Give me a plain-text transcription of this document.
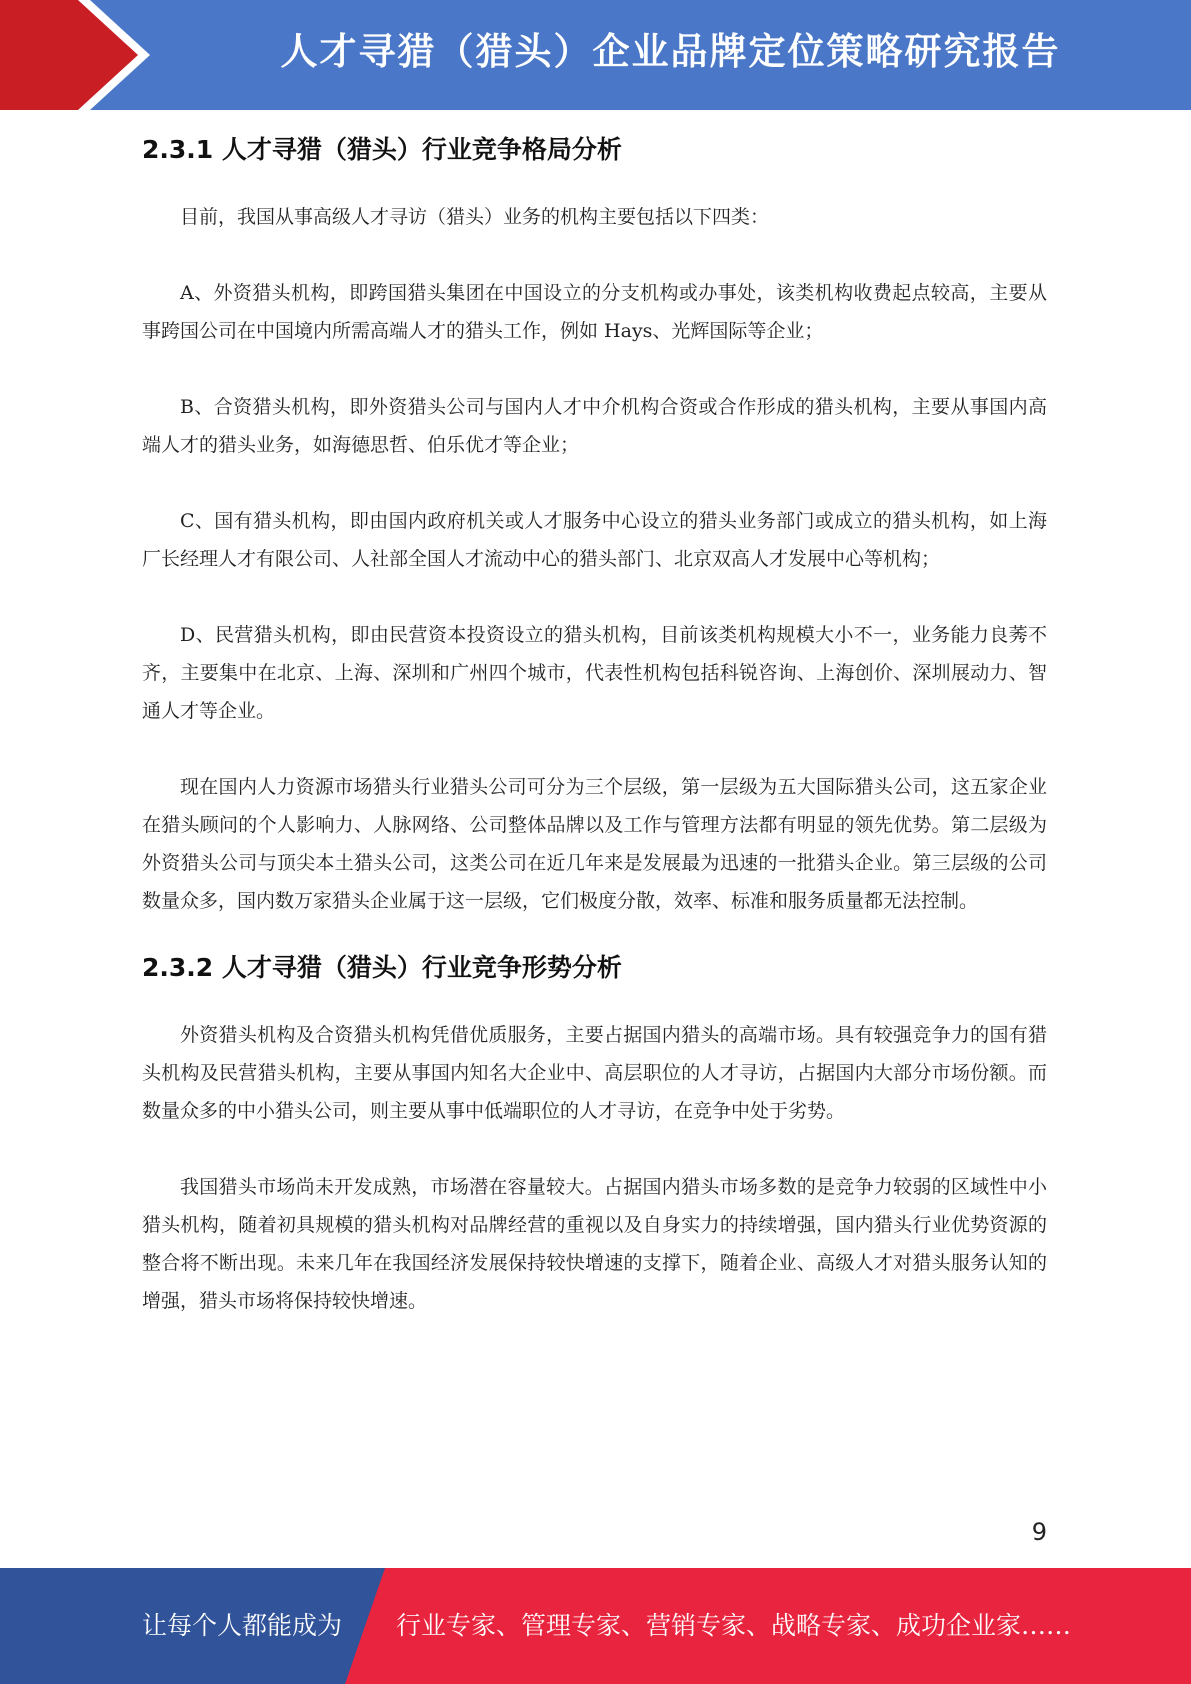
人才寻猎（猎头）企业品牌定位策略研究报告
2.3.1 人才寻猎（猎头）行业竞争格局分析

目前，我国从事高级人才寻访（猎头）业务的机构主要包括以下四类：

A、外资猎头机构，即跨国猎头集团在中国设立的分支机构或办事处，该类机构收费起点较高，主要从事跨国公司在中国境内所需高端人才的猎头工作，例如 Hays、光辉国际等企业；

B、合资猎头机构，即外资猎头公司与国内人才中介机构合资或合作形成的猎头机构，主要从事国内高端人才的猎头业务，如海德思哲、伯乐优才等企业；

C、国有猎头机构，即由国内政府机关或人才服务中心设立的猎头业务部门或成立的猎头机构，如上海厂长经理人才有限公司、人社部全国人才流动中心的猎头部门、北京双高人才发展中心等机构；

D、民营猎头机构，即由民营资本投资设立的猎头机构，目前该类机构规模大小不一，业务能力良莠不齐，主要集中在北京、上海、深圳和广州四个城市，代表性机构包括科锐咨询、上海创价、深圳展动力、智通人才等企业。

现在国内人力资源市场猎头行业猎头公司可分为三个层级，第一层级为五大国际猎头公司，这五家企业在猎头顾问的个人影响力、人脉网络、公司整体品牌以及工作与管理方法都有明显的领先优势。第二层级为外资猎头公司与顶尖本土猎头公司，这类公司在近几年来是发展最为迅速的一批猎头企业。第三层级的公司数量众多，国内数万家猎头企业属于这一层级，它们极度分散，效率、标准和服务质量都无法控制。

2.3.2 人才寻猎（猎头）行业竞争形势分析

外资猎头机构及合资猎头机构凭借优质服务，主要占据国内猎头的高端市场。具有较强竞争力的国有猎头机构及民营猎头机构，主要从事国内知名大企业中、高层职位的人才寻访，占据国内大部分市场份额。而数量众多的中小猎头公司，则主要从事中低端职位的人才寻访，在竞争中处于劣势。

我国猎头市场尚未开发成熟，市场潜在容量较大。占据国内猎头市场多数的是竞争力较弱的区域性中小猎头机构，随着初具规模的猎头机构对品牌经营的重视以及自身实力的持续增强，国内猎头行业优势资源的整合将不断出现。未来几年在我国经济发展保持较快增速的支撑下，随着企业、高级人才对猎头服务认知的增强，猎头市场将保持较快增速。

9
让每个人都能成为 行业专家、管理专家、营销专家、战略专家、成功企业家……
